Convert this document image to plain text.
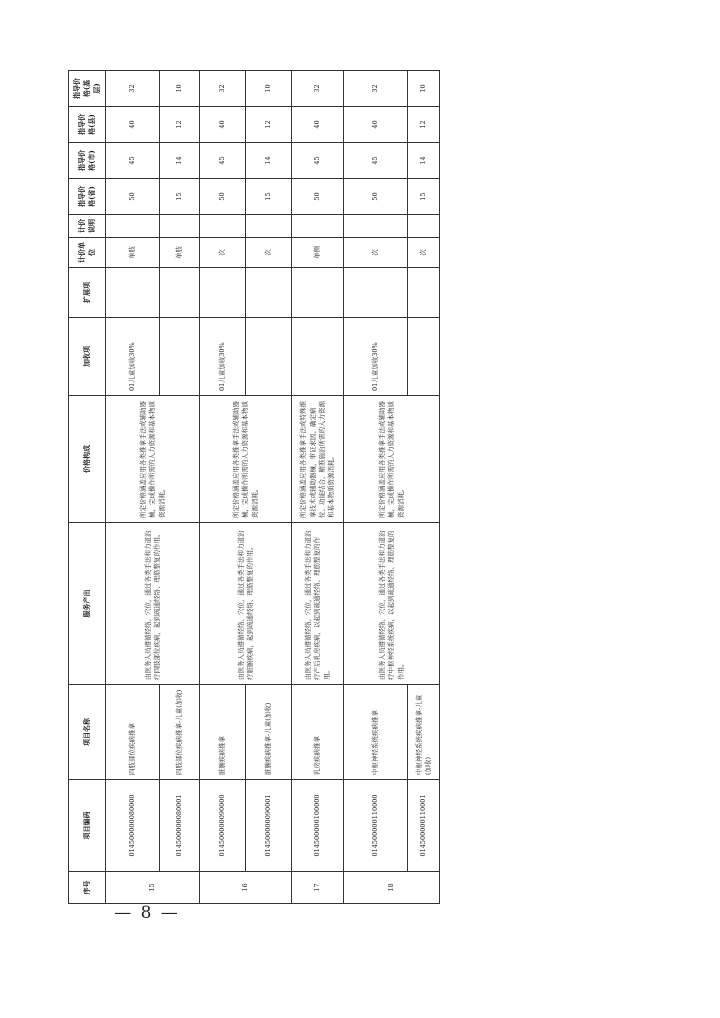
序号	项目编码	项目名称	服务产出	价格构成	加收项	扩展项	计价单位	计价说明	指导价格(省)	指导价格(市)	指导价格(县)	指导价格(基层)
15	014500000080000	四肢部位疾病推拿	由医务人员遵循经络、穴位，通过各类手法和力道治疗四肢部位疾病，起到疏通经络、理筋整复的作用。	所定价格涵盖应用各类推拿手法或辅助器械，完成操作所需的人力资源和基本物质资源消耗。	01儿童加收30%		单肢		50	45	40	32
	014500000080001	四肢部位疾病推拿-儿童(加收)					单肢		15	14	12	10
16	014500000090000	脏腑疾病推拿	由医务人员遵循经络、穴位，通过各类手法和力道治疗脏腑疾病，起到疏通经络、理筋整复的作用。	所定价格涵盖应用各类推拿手法或辅助器械，完成操作所需的人力资源和基本物质资源消耗。	01儿童加收30%		次		50	45	40	32
	014500000090001	脏腑疾病推拿-儿童(加收)					次		15	14	12	10
17	014500000100000	乳房疾病推拿	由医务人员遵循经络、穴位，通过各类手法和力道治疗产后乳房疾病，以起到疏通经络、理筋整复的作用。	所定价格涵盖应用各类推拿手法或特殊推拿技术或辅助器械，审证求因、确定病位、功能结合、精准施治所需的人力资源和基本物质资源消耗。			单侧		50	45	40	32
18	014500000110000	中枢神经系统疾病推拿	由医务人员遵循经络、穴位，通过各类手法和力道治疗中枢神经系统疾病，以起到疏通经络、理筋整复的作用。	所定价格涵盖应用各类推拿手法或辅助器械，完成操作所需的人力资源和基本物质资源消耗。	01儿童加收30%		次		50	45	40	32
	014500000110001	中枢神经系统疾病推拿-儿童(加收)					次		15	14	12	10
— 8 —
